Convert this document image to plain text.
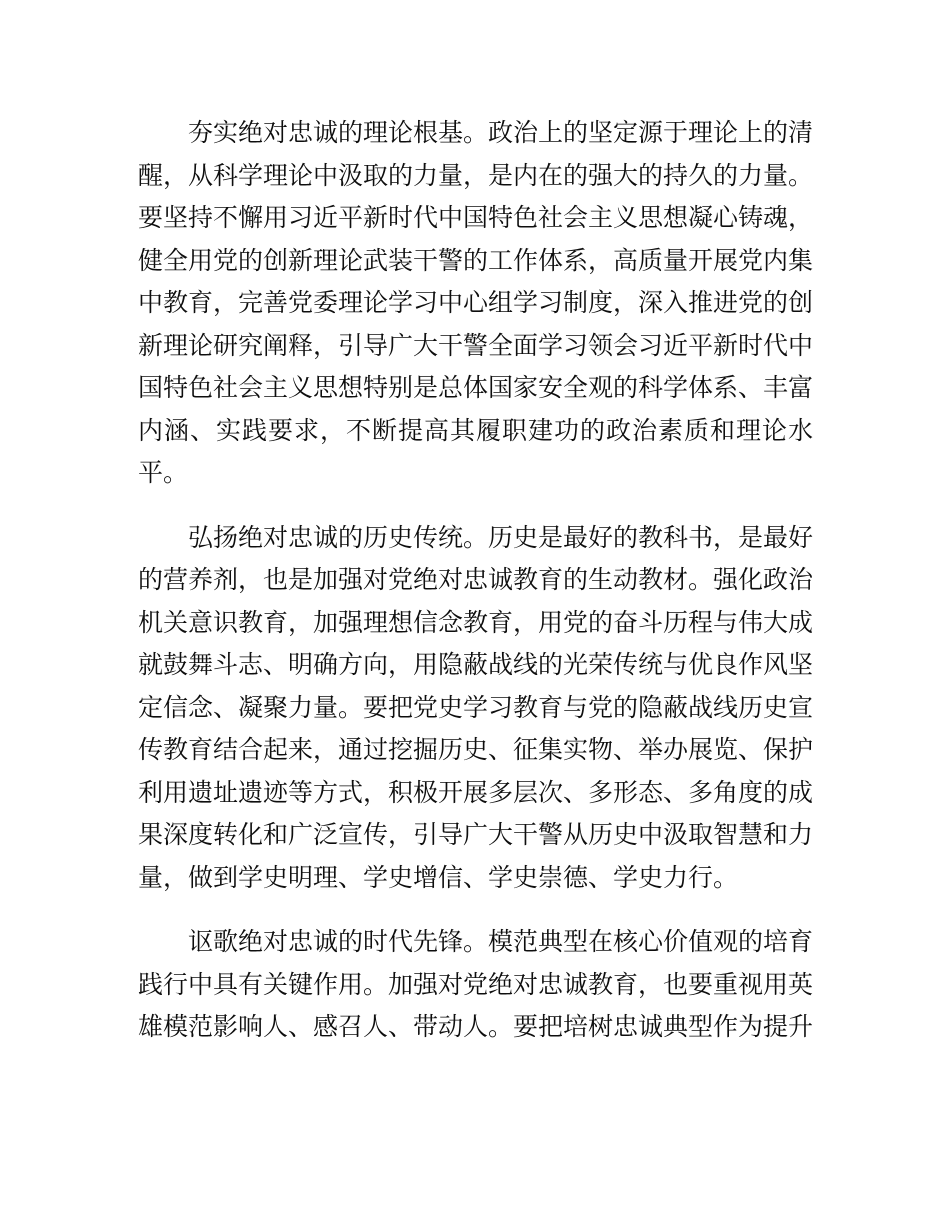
夯实绝对忠诚的理论根基。政治上的坚定源于理论上的清醒，从科学理论中汲取的力量，是内在的强大的持久的力量。要坚持不懈用习近平新时代中国特色社会主义思想凝心铸魂，健全用党的创新理论武装干警的工作体系，高质量开展党内集中教育，完善党委理论学习中心组学习制度，深入推进党的创新理论研究阐释，引导广大干警全面学习领会习近平新时代中国特色社会主义思想特别是总体国家安全观的科学体系、丰富内涵、实践要求，不断提高其履职建功的政治素质和理论水平。

弘扬绝对忠诚的历史传统。历史是最好的教科书，是最好的营养剂，也是加强对党绝对忠诚教育的生动教材。强化政治机关意识教育，加强理想信念教育，用党的奋斗历程与伟大成就鼓舞斗志、明确方向，用隐蔽战线的光荣传统与优良作风坚定信念、凝聚力量。要把党史学习教育与党的隐蔽战线历史宣传教育结合起来，通过挖掘历史、征集实物、举办展览、保护利用遗址遗迹等方式，积极开展多层次、多形态、多角度的成果深度转化和广泛宣传，引导广大干警从历史中汲取智慧和力量，做到学史明理、学史增信、学史崇德、学史力行。

讴歌绝对忠诚的时代先锋。模范典型在核心价值观的培育践行中具有关键作用。加强对党绝对忠诚教育，也要重视用英雄模范影响人、感召人、带动人。要把培树忠诚典型作为提升
